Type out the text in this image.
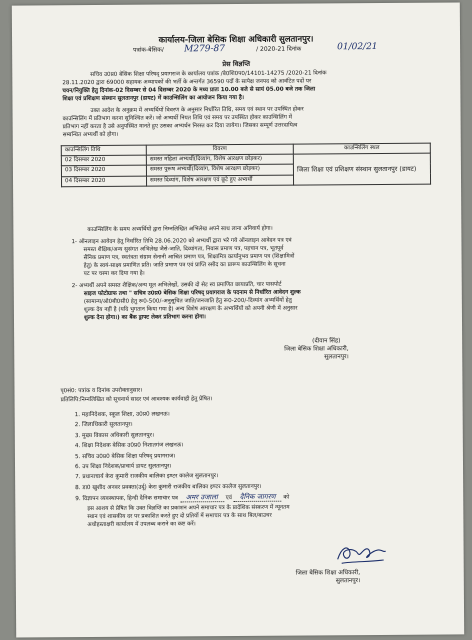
कार्यालय-जिला बेसिक शिक्षा अधिकारी सुलतानपुर।
पत्रांक-बेसिक/ M279-87	/ 2020-21 दिनांक	01/02/21
प्रेस विज्ञप्ति
सचिव उ0प्र0 बेसिक शिक्षा परिषद् प्रयागराज के कार्यालय पत्रांक /बे0शि0प0/14101-14275 /2020-21 दिनांक
28.11.2020 द्वारा 69000 सहायक अध्यापकों की भर्ती के अन्तर्गत 36590 पदों के सापेक्ष जनपद को आवंटित पदों पर
चयन/नियुक्ति हेतु दिनांक-02 दिसम्बर से 04 दिसम्बर 2020 के मध्य प्रातः 10.00 बजे से सायं 05.00 बजे तक जिला
शिक्षा एवं प्रशिक्षण संस्थान सुलतानपुर (डायट) में काउन्सिलिंग का आयोजन किया गया है।
उक्त आदेश के अनुक्रम में अभ्यर्थियों विवरण के अनुसार निर्धारित तिथि, समय एवं स्थान पर उपस्थित होकर
काउन्सिलिंग में प्रतिभाग करना सुनिश्चित करें। जो अभ्यर्थी नियत तिथि एवं समय पर उपस्थित होकर काउन्सिलिंग में
प्रतिभाग नहीं करता है उसे अनुपस्थित मानते हुए उसका अभ्यर्थन निरस्त कर दिया जायेगा। जिसका सम्पूर्ण उत्तरदायित्व
सम्बन्धित अभ्यर्थी को होगा।
काउन्सिलिंग तिथि	विवरण	काउन्सिलिंग स्थल
02 दिसम्बर 2020	समस्त महिला अभ्यर्थी(दिव्यांग, विशेष आरक्षण छोड़कर)	जिला शिक्षा एवं प्रशिक्षण संस्थान सुलतानपुर (डायट)
03 दिसम्बर 2020	समस्त पुरूष अभ्यर्थी(दिव्यांग, विशेष आरक्षण छोड़कर)	
04 दिसम्बर 2020	समस्त दिव्यांग, विशेष आरक्षण एवं छूटे हुए अभ्यर्थी	
काउन्सिलिंग के समय अभ्यर्थियों द्वारा निम्नलिखित अभिलेख अपने साथ लाना अनिवार्य होगा।
1- ऑनलाइन आवेदन हेतु निर्धारित तिथि 28.06.2020 को अभ्यर्थी द्वारा भरे गये ऑनलाइन आवेदन पत्र एवं
समस्त शैक्षिक/अन्य सुसंगत अभिलेख जैसे-जाति, दिव्यांगता, निवास प्रमाण पत्र, पहचान पत्र, भूतपूर्व
सैनिक प्रमाण पत्र, स्वतंत्रता संग्राम सेनानी आश्रित प्रमाण पत्र, शिक्षामित्र कार्यानुभव प्रमाण पत्र (शिक्षामित्रों
हेतु) के स्वयं-साक्ष्य प्रमाणित प्रति। जाति प्रमाण पत्र एवं प्राप्ति रसीद का प्रारूप काउन्सिलिंग के सूचना
पट पर चस्पा कर दिया गया है।
2- अभ्यर्थी अपने समस्त शैक्षिक/अन्य मूल अभिलेखों, उसकी दो सेट स्व प्रमाणित छायाप्रति, चार पासपोर्ट
साइज फोटोग्राफ तथा " सचिव उ0प्र0 बेसिक शिक्षा परिषद् प्रयागराज के पदनाम से निर्धारित आवेदन शुल्क
(सामान्य/ओ0बी0सी0 हेतु रू0-500/-अनुसूचित जाति/जनजाति हेतु रू0-200/-दिव्यांग अभ्यर्थियों हेतु
शुल्क देय नहीं है (यदि भुगतान किया गया है) अन्य विशेष आरक्षण के अभ्यर्थियों को अपनी श्रेणी में अनुसार
शुल्क देना होगा।) का बैंक ड्राफ्ट लेकर प्रतिभाग करना होगा।
(दीवान सिंह)
जिला बेसिक शिक्षा अधिकारी,
सुलतानपुर।
पृ0सं0: पत्रांक व दिनांक उपरोक्तानुसार।
प्रतिलिपि:निम्नलिखित को सूचनार्थ सादर एवं आवश्यक कार्यवाही हेतु प्रेषित।
1. महानिदेशक, स्कूल शिक्षा, उ0प्र0 लखनऊ।
2. जिलाधिकारी सुलतानपुर।
3. मुख्य विकास अधिकारी सुलतानपुर।
4. शिक्षा निदेशक बेसिक उ0प्र0 निशातगंज लखनऊ।
5. सचिव उ0प्र0 बेसिक शिक्षा परिषद् प्रयागराज।
6. उप शिक्षा निदेशक/प्राचार्य डायट सुलतानपुर।
7. प्रधानाचार्य केरा कुमारी राजकीय बालिका इण्टर कालेज सुलतानपुर।
8. डा0 खुशीद अनवर प्रवक्ता(उर्दू) केरा कुमारी राजकीय बालिका इण्टर कालेज सुलतानपुर।
9. विज्ञापन व्यवस्थापक, हिन्दी दैनिक समाचार पत्र अमर उजाला एवं दैनिक जागरण को
इस आशय से प्रेषित कि उक्त विज्ञप्ति का प्रकाशन अपने समाचार पत्र के प्रादेशिक संस्करण में न्यूनतम
स्थान एवं शासकीय दर पर प्रकाशित करते हुए दो प्रतियों में समाचार पत्र के साथ बिल/बाउचर
अधोहस्ताक्षरी कार्यालय में उपलब्ध कराने का कष्ट करें।
जिला बेसिक शिक्षा अधिकारी,
सुलतानपुर।
